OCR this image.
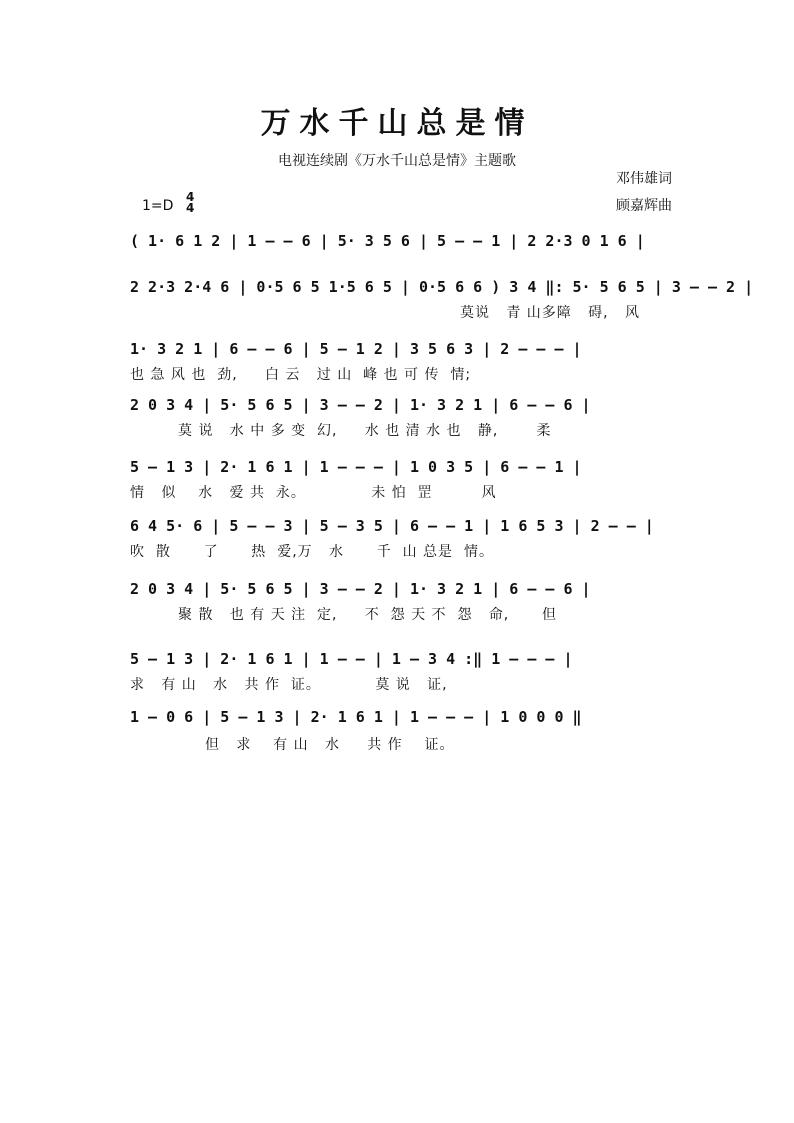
万水千山总是情
电视连续剧《万水千山总是情》主题歌
邓伟雄词
顾嘉辉曲
1=D
4
4
( 1· 6 1 2 | 1 – – 6 | 5· 3 5 6 | 5 – – 1 | 2 2·3 0 1 6 |
2 2·3 2·4 6 | 0·5 6 5 1·5 6 5 | 0·5 6 6 ) 3 4 ‖: 5· 5 6 5 | 3 – – 2 |
莫说   青 山多障   碍,   风
1· 3 2 1 | 6 – – 6 | 5 – 1 2 | 3 5 6 3 | 2 – – – |
也 急 风 也  劲,     白 云   过 山  峰 也 可 传  情;
2 0 3 4 | 5· 5 6 5 | 3 – – 2 | 1· 3 2 1 | 6 – – 6 |
莫 说   水 中 多 变  幻,     水 也 清 水 也   静,       柔
5 – 1 3 | 2· 1 6 1 | 1 – – – | 1 0 3 5 | 6 – – 1 |
情   似    水   爱 共  永。            未 怕  罡         风
6 4 5· 6 | 5 – – 3 | 5 – 3 5 | 6 – – 1 | 1 6 5 3 | 2 – – |
吹  散      了      热  爱,万   水      千  山 总是  情。
2 0 3 4 | 5· 5 6 5 | 3 – – 2 | 1· 3 2 1 | 6 – – 6 |
聚 散   也 有 天 注  定,     不  怨 天 不  怨   命,      但
5 – 1 3 | 2· 1 6 1 | 1 – – | 1 – 3 4 :‖ 1 – – – |
求   有 山   水   共 作  证。          莫 说   证,
1 – 0 6 | 5 – 1 3 | 2· 1 6 1 | 1 – – – | 1 0 0 0 ‖
但   求    有 山   水     共 作    证。
